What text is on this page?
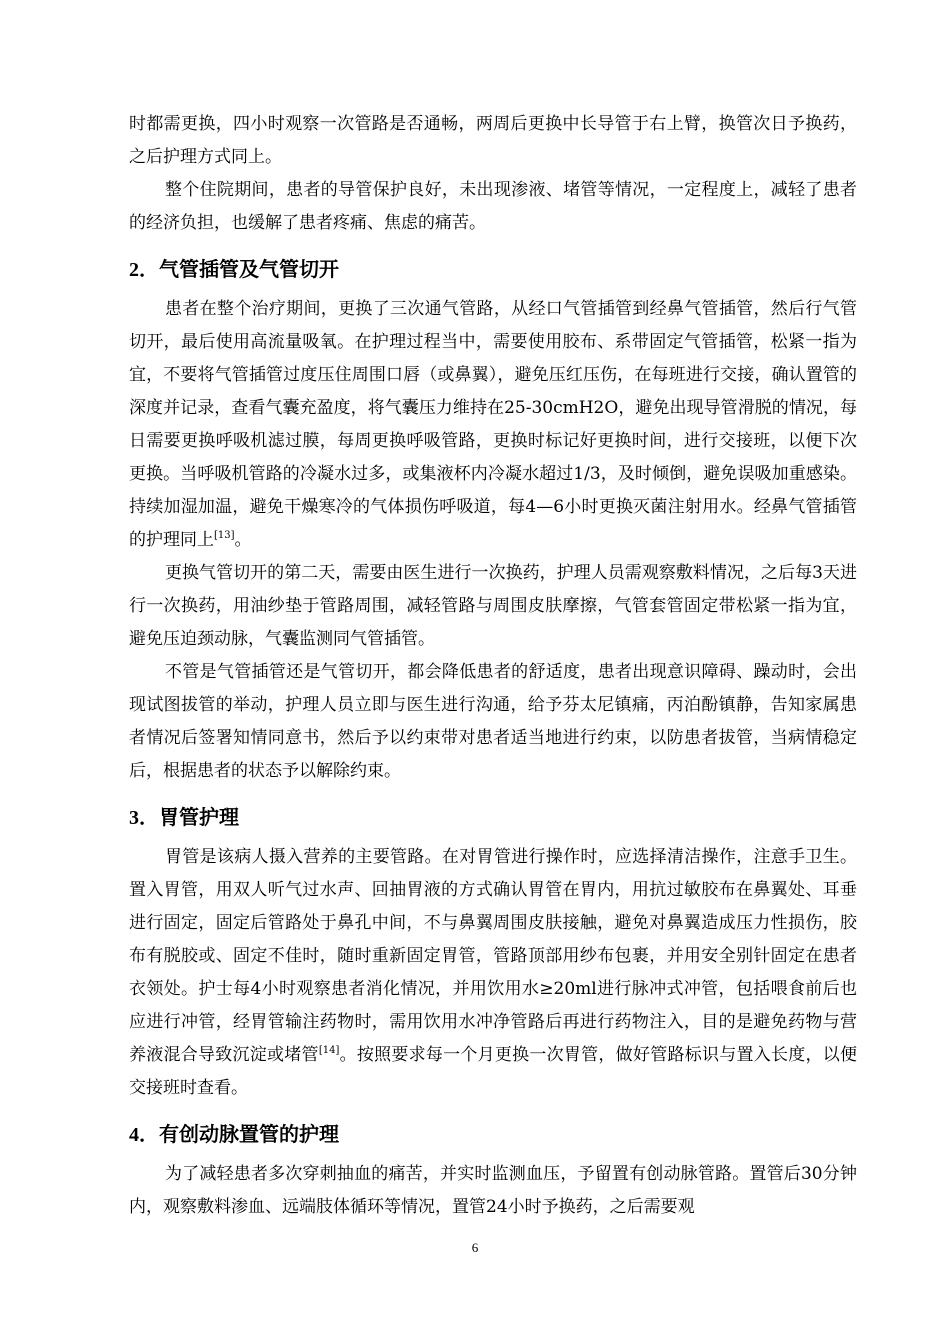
时都需更换，四小时观察一次管路是否通畅，两周后更换中长导管于右上臂，换管次日予换药，之后护理方式同上。

整个住院期间，患者的导管保护良好，未出现渗液、堵管等情况，一定程度上，减轻了患者的经济负担，也缓解了患者疼痛、焦虑的痛苦。

2．气管插管及气管切开

患者在整个治疗期间，更换了三次通气管路，从经口气管插管到经鼻气管插管，然后行气管切开，最后使用高流量吸氧。在护理过程当中，需要使用胶布、系带固定气管插管，松紧一指为宜，不要将气管插管过度压住周围口唇（或鼻翼），避免压红压伤，在每班进行交接，确认置管的深度并记录，查看气囊充盈度，将气囊压力维持在25-30cmH2O，避免出现导管滑脱的情况，每日需要更换呼吸机滤过膜，每周更换呼吸管路，更换时标记好更换时间，进行交接班，以便下次更换。当呼吸机管路的冷凝水过多，或集液杯内冷凝水超过1/3，及时倾倒，避免误吸加重感染。持续加湿加温，避免干燥寒冷的气体损伤呼吸道，每4—6小时更换灭菌注射用水。经鼻气管插管的护理同上[13]。

更换气管切开的第二天，需要由医生进行一次换药，护理人员需观察敷料情况，之后每3天进行一次换药，用油纱垫于管路周围，减轻管路与周围皮肤摩擦，气管套管固定带松紧一指为宜，避免压迫颈动脉，气囊监测同气管插管。

不管是气管插管还是气管切开，都会降低患者的舒适度，患者出现意识障碍、躁动时，会出现试图拔管的举动，护理人员立即与医生进行沟通，给予芬太尼镇痛，丙泊酚镇静，告知家属患者情况后签署知情同意书，然后予以约束带对患者适当地进行约束，以防患者拔管，当病情稳定后，根据患者的状态予以解除约束。

3．胃管护理

胃管是该病人摄入营养的主要管路。在对胃管进行操作时，应选择清洁操作，注意手卫生。置入胃管，用双人听气过水声、回抽胃液的方式确认胃管在胃内，用抗过敏胶布在鼻翼处、耳垂进行固定，固定后管路处于鼻孔中间，不与鼻翼周围皮肤接触，避免对鼻翼造成压力性损伤，胶布有脱胶或、固定不佳时，随时重新固定胃管，管路顶部用纱布包裹，并用安全别针固定在患者衣领处。护士每4小时观察患者消化情况，并用饮用水≥20ml进行脉冲式冲管，包括喂食前后也应进行冲管，经胃管输注药物时，需用饮用水冲净管路后再进行药物注入，目的是避免药物与营养液混合导致沉淀或堵管[14]。按照要求每一个月更换一次胃管，做好管路标识与置入长度，以便交接班时查看。

4．有创动脉置管的护理

为了减轻患者多次穿刺抽血的痛苦，并实时监测血压，予留置有创动脉管路。置管后30分钟内，观察敷料渗血、远端肢体循环等情况，置管24小时予换药，之后需要观

6
